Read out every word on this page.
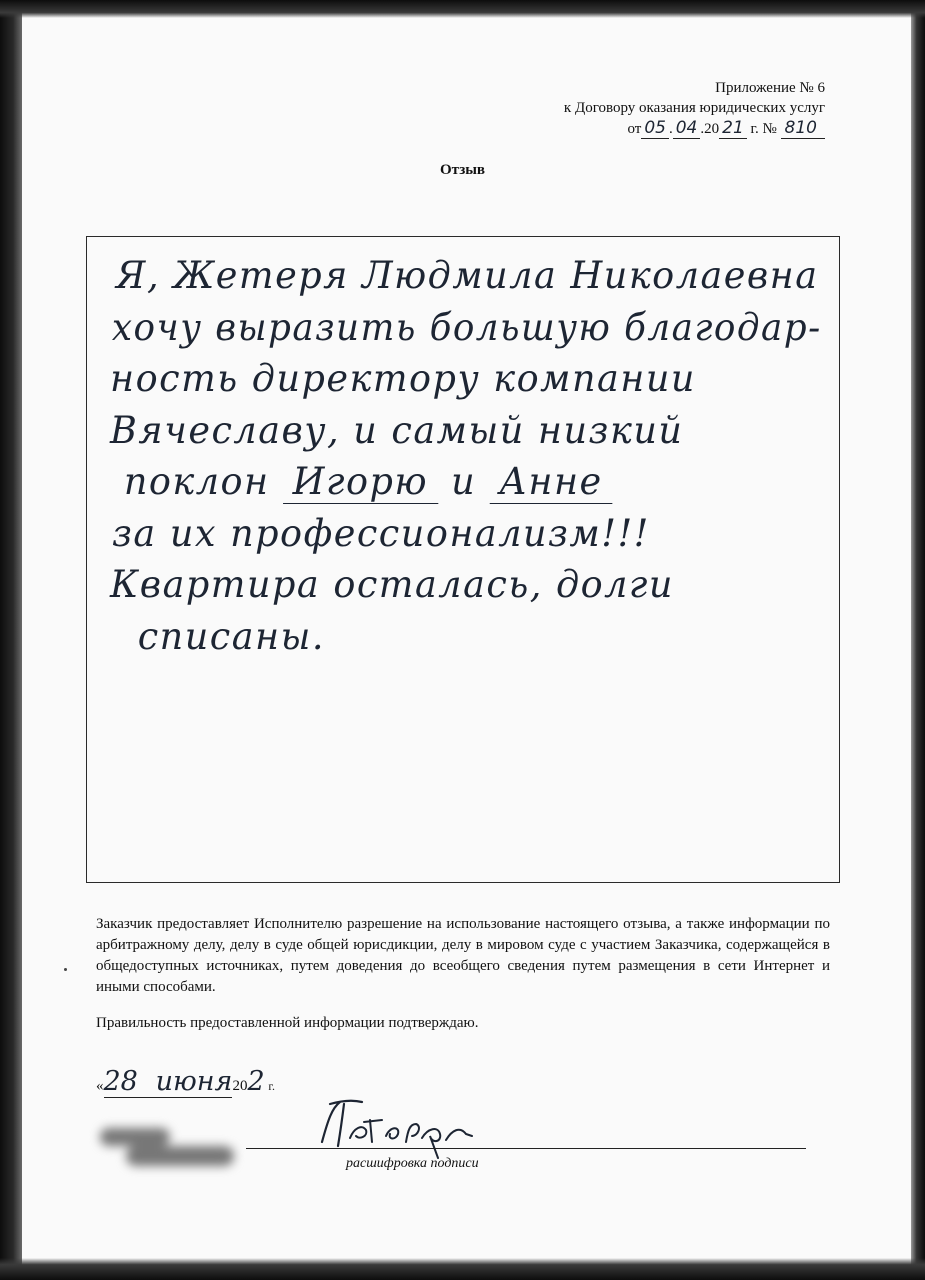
Приложение № 6
к Договору оказания юридических услуг
от 05 . 04 .20 21 г. № 810
Отзыв
Я, Жетеря Людмила Николаевна
хочу выразить большую благодар-
ность директору компании
Вячеславу, и самый низкий
поклон Игорю и Анне
за их профессионализм!!!
Квартира осталась, долги
списаны.
Заказчик предоставляет Исполнителю разрешение на использование настоящего отзыва, а также информации по арбитражному делу, делу в суде общей юрисдикции, делу в мировом суде с участием Заказчика, содержащейся в общедоступных источниках, путем доведения до всеобщего сведения путем размещения в сети Интернет и иными способами.
Правильность предоставленной информации подтверждаю.
«28 июня202 г.
расшифровка подписи
